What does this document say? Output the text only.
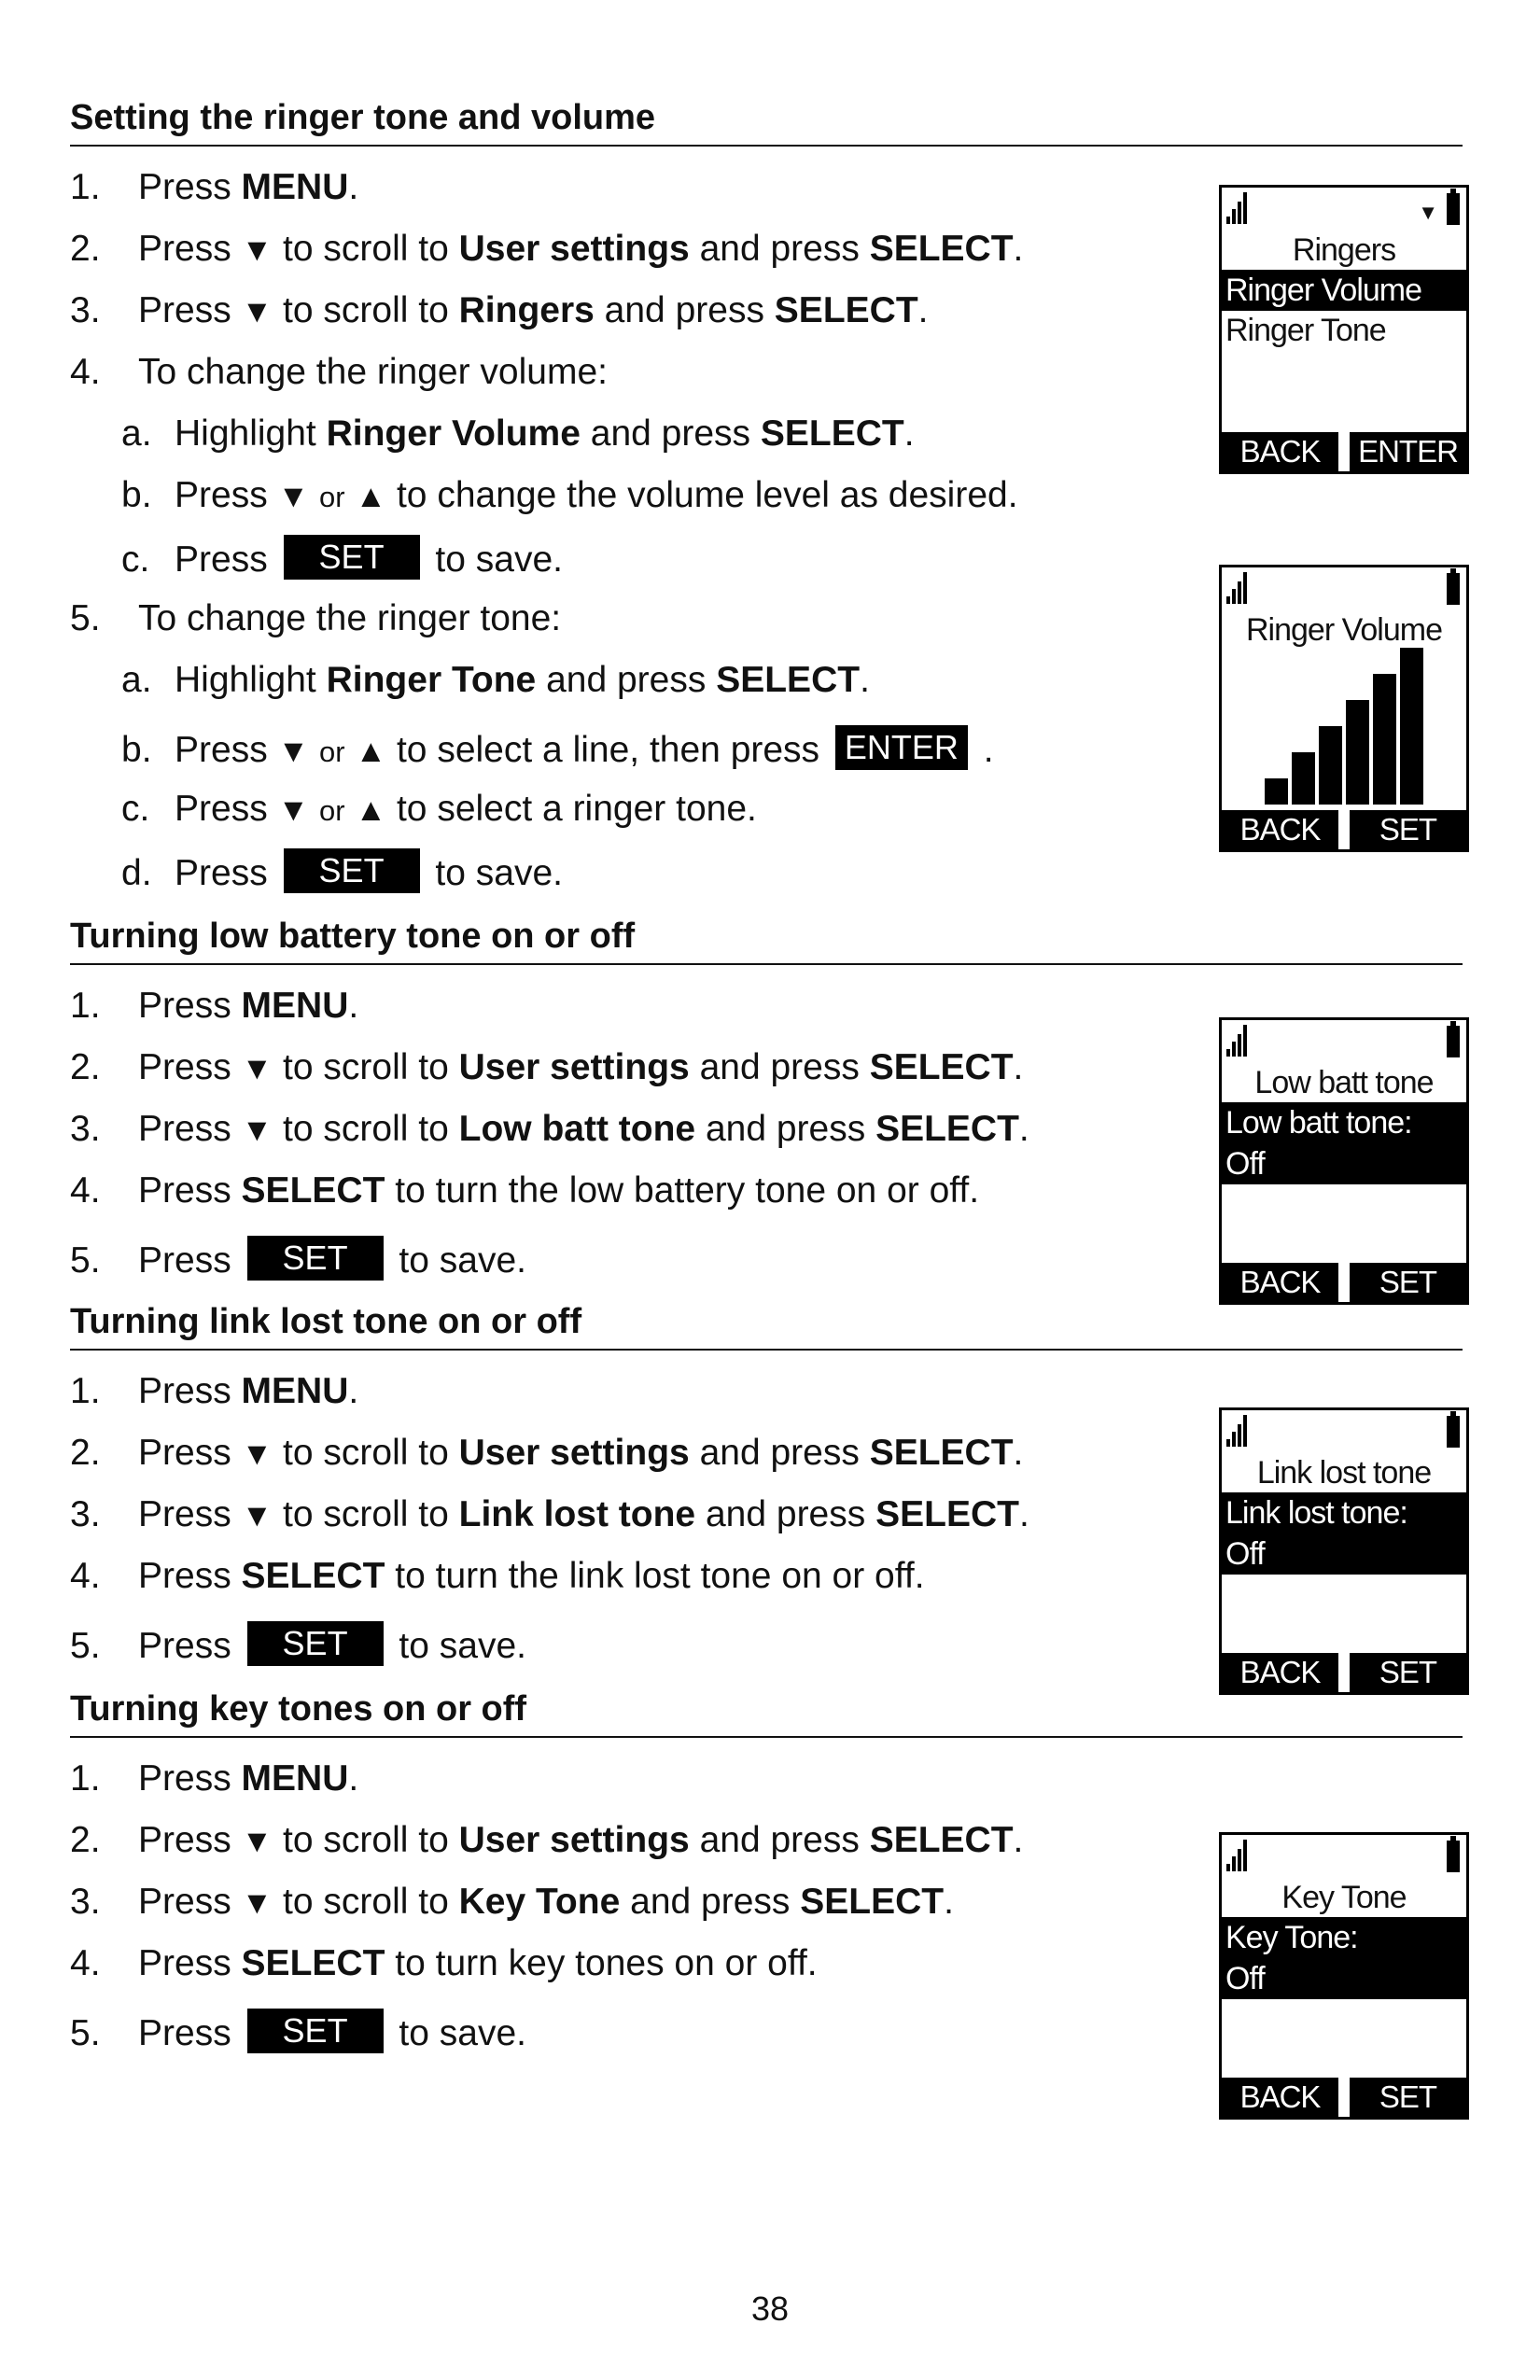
Setting the ringer tone and volume
1. Press MENU.
2. Press ▼ to scroll to User settings and press SELECT.
3. Press ▼ to scroll to Ringers and press SELECT.
4. To change the ringer volume:
a. Highlight Ringer Volume and press SELECT.
b. Press ▼ or ▲ to change the volume level as desired.
c. Press SET to save.
5. To change the ringer tone:
a. Highlight Ringer Tone and press SELECT.
b. Press ▼ or ▲ to select a line, then press ENTER .
c. Press ▼ or ▲ to select a ringer tone.
d. Press SET to save.
Turning low battery tone on or off
1. Press MENU.
2. Press ▼ to scroll to User settings and press SELECT.
3. Press ▼ to scroll to Low batt tone and press SELECT.
4. Press SELECT to turn the low battery tone on or off.
5. Press SET to save.
Turning link lost tone on or off
1. Press MENU.
2. Press ▼ to scroll to User settings and press SELECT.
3. Press ▼ to scroll to Link lost tone and press SELECT.
4. Press SELECT to turn the link lost tone on or off.
5. Press SET to save.
Turning key tones on or off
1. Press MENU.
2. Press ▼ to scroll to User settings and press SELECT.
3. Press ▼ to scroll to Key Tone and press SELECT.
4. Press SELECT to turn key tones on or off.
5. Press SET to save.
▼
Ringers
Ringer Volume
Ringer Tone
BACK	ENTER
Ringer Volume
BACK	SET
Low batt tone
Low batt tone:
Off
BACK	SET
Link lost tone
Link lost tone:
Off
BACK	SET
Key Tone
Key Tone:
Off
BACK	SET
38
